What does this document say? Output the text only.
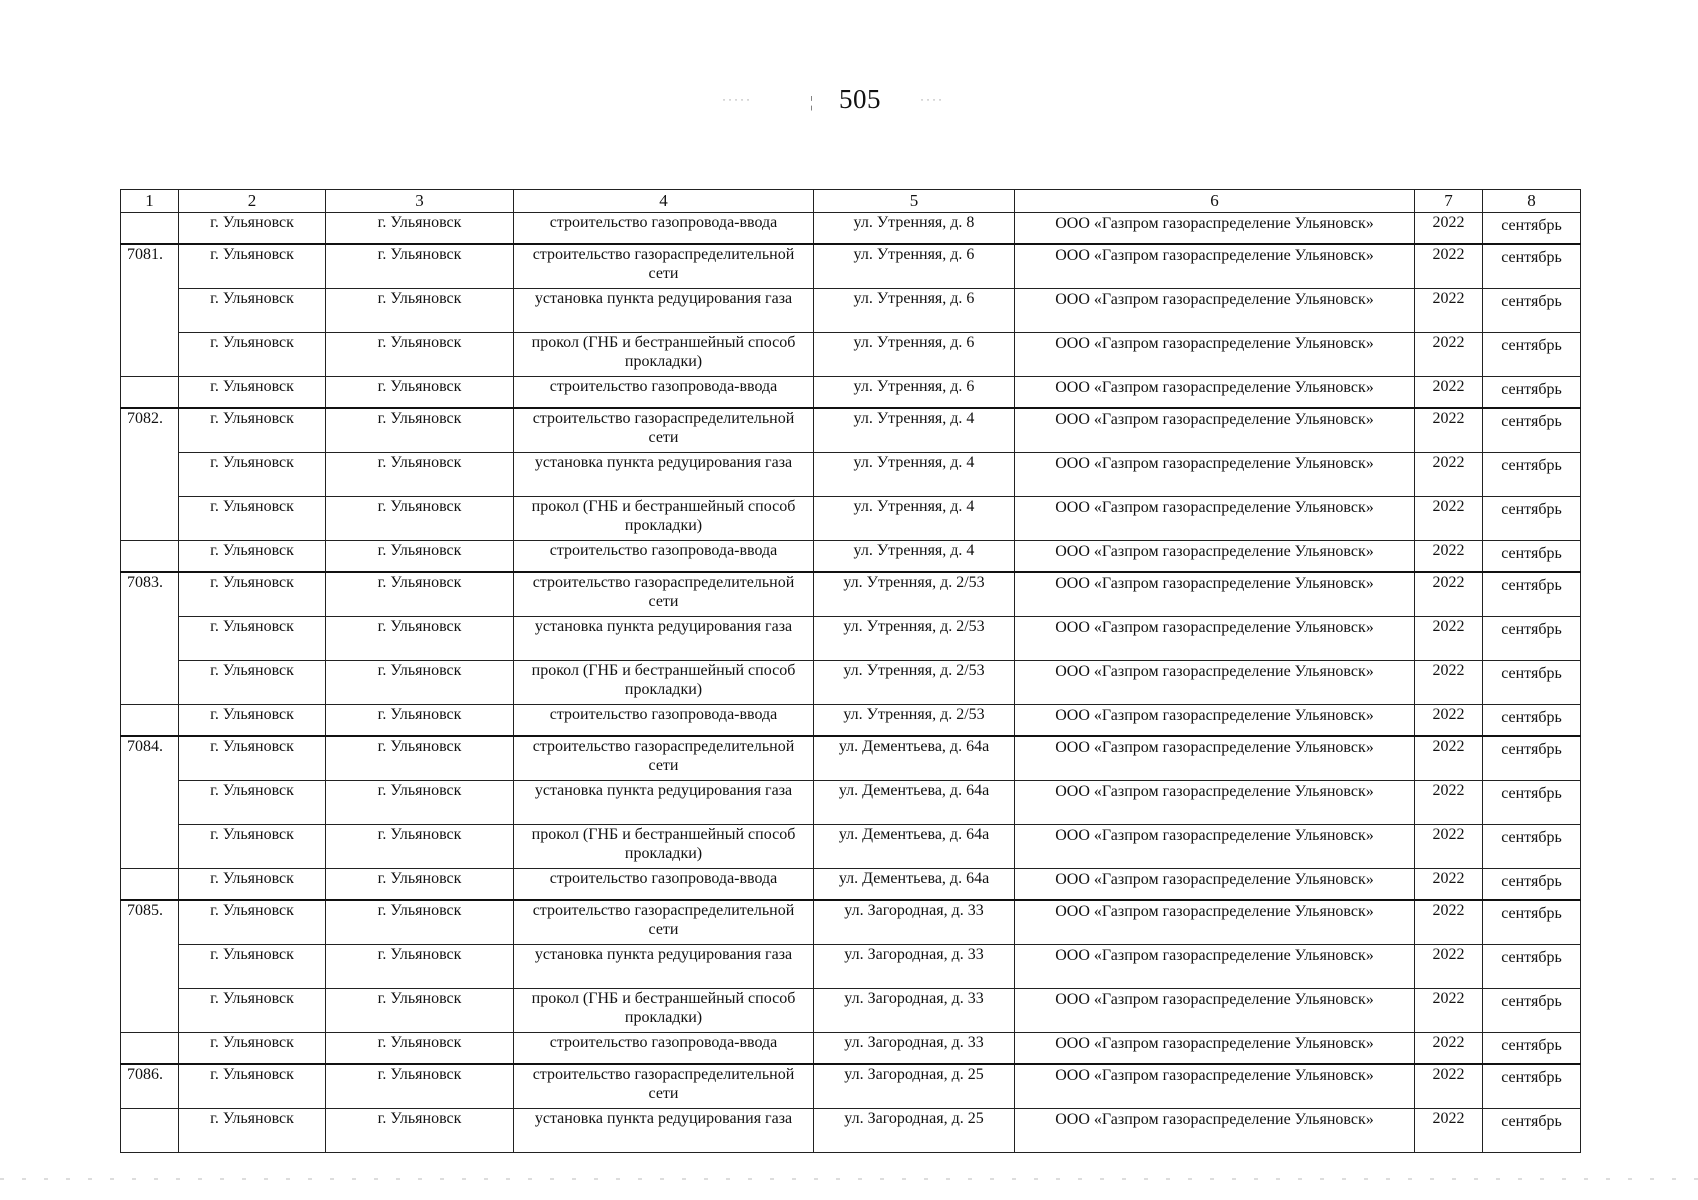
505
˙˙˙˙˙	¦	˙˙˙˙
1	2	3	4	5	6	7	8
	г. Ульяновск	г. Ульяновск	строительство газопровода-ввода	ул. Утренняя, д. 8	ООО «Газпром газораспределение Ульяновск»	2022	сентябрь
7081.	г. Ульяновск	г. Ульяновск	строительство газораспределительной сети	ул. Утренняя, д. 6	ООО «Газпром газораспределение Ульяновск»	2022	сентябрь
	г. Ульяновск	г. Ульяновск	установка пункта редуцирования газа	ул. Утренняя, д. 6	ООО «Газпром газораспределение Ульяновск»	2022	сентябрь
	г. Ульяновск	г. Ульяновск	прокол (ГНБ и бестраншейный способ прокладки)	ул. Утренняя, д. 6	ООО «Газпром газораспределение Ульяновск»	2022	сентябрь
	г. Ульяновск	г. Ульяновск	строительство газопровода-ввода	ул. Утренняя, д. 6	ООО «Газпром газораспределение Ульяновск»	2022	сентябрь
7082.	г. Ульяновск	г. Ульяновск	строительство газораспределительной сети	ул. Утренняя, д. 4	ООО «Газпром газораспределение Ульяновск»	2022	сентябрь
	г. Ульяновск	г. Ульяновск	установка пункта редуцирования газа	ул. Утренняя, д. 4	ООО «Газпром газораспределение Ульяновск»	2022	сентябрь
	г. Ульяновск	г. Ульяновск	прокол (ГНБ и бестраншейный способ прокладки)	ул. Утренняя, д. 4	ООО «Газпром газораспределение Ульяновск»	2022	сентябрь
	г. Ульяновск	г. Ульяновск	строительство газопровода-ввода	ул. Утренняя, д. 4	ООО «Газпром газораспределение Ульяновск»	2022	сентябрь
7083.	г. Ульяновск	г. Ульяновск	строительство газораспределительной сети	ул. Утренняя, д. 2/53	ООО «Газпром газораспределение Ульяновск»	2022	сентябрь
	г. Ульяновск	г. Ульяновск	установка пункта редуцирования газа	ул. Утренняя, д. 2/53	ООО «Газпром газораспределение Ульяновск»	2022	сентябрь
	г. Ульяновск	г. Ульяновск	прокол (ГНБ и бестраншейный способ прокладки)	ул. Утренняя, д. 2/53	ООО «Газпром газораспределение Ульяновск»	2022	сентябрь
	г. Ульяновск	г. Ульяновск	строительство газопровода-ввода	ул. Утренняя, д. 2/53	ООО «Газпром газораспределение Ульяновск»	2022	сентябрь
7084.	г. Ульяновск	г. Ульяновск	строительство газораспределительной сети	ул. Дементьева, д. 64а	ООО «Газпром газораспределение Ульяновск»	2022	сентябрь
	г. Ульяновск	г. Ульяновск	установка пункта редуцирования газа	ул. Дементьева, д. 64а	ООО «Газпром газораспределение Ульяновск»	2022	сентябрь
	г. Ульяновск	г. Ульяновск	прокол (ГНБ и бестраншейный способ прокладки)	ул. Дементьева, д. 64а	ООО «Газпром газораспределение Ульяновск»	2022	сентябрь
	г. Ульяновск	г. Ульяновск	строительство газопровода-ввода	ул. Дементьева, д. 64а	ООО «Газпром газораспределение Ульяновск»	2022	сентябрь
7085.	г. Ульяновск	г. Ульяновск	строительство газораспределительной сети	ул. Загородная, д. 33	ООО «Газпром газораспределение Ульяновск»	2022	сентябрь
	г. Ульяновск	г. Ульяновск	установка пункта редуцирования газа	ул. Загородная, д. 33	ООО «Газпром газораспределение Ульяновск»	2022	сентябрь
	г. Ульяновск	г. Ульяновск	прокол (ГНБ и бестраншейный способ прокладки)	ул. Загородная, д. 33	ООО «Газпром газораспределение Ульяновск»	2022	сентябрь
	г. Ульяновск	г. Ульяновск	строительство газопровода-ввода	ул. Загородная, д. 33	ООО «Газпром газораспределение Ульяновск»	2022	сентябрь
7086.	г. Ульяновск	г. Ульяновск	строительство газораспределительной сети	ул. Загородная, д. 25	ООО «Газпром газораспределение Ульяновск»	2022	сентябрь
	г. Ульяновск	г. Ульяновск	установка пункта редуцирования газа	ул. Загородная, д. 25	ООО «Газпром газораспределение Ульяновск»	2022	сентябрь
